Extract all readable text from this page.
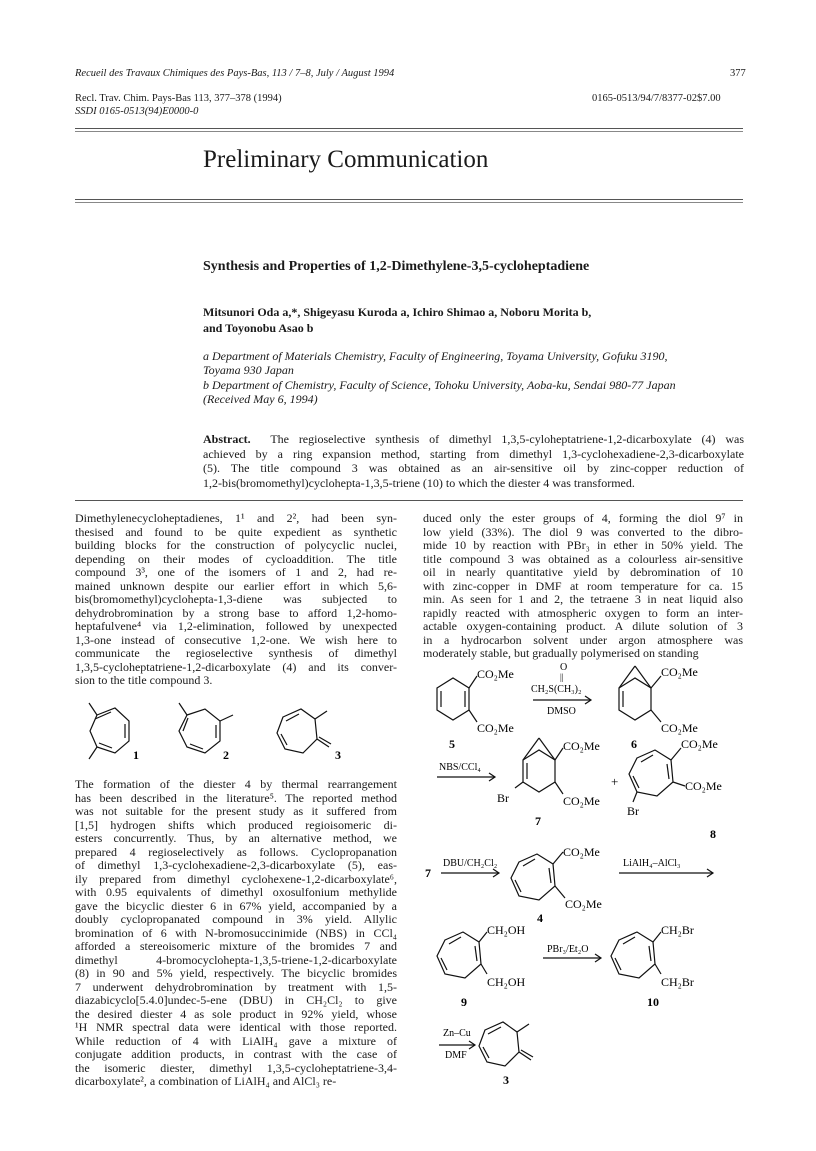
Recueil des Travaux Chimiques des Pays-Bas, 113 / 7–8, July / August 1994	377
Recl. Trav. Chim. Pays-Bas 113, 377–378 (1994)
SSDI 0165-0513(94)E0000-0
0165-0513/94/7/8377-02$7.00
Preliminary Communication
Synthesis and Properties of 1,2-Dimethylene-3,5-cycloheptadiene
Mitsunori Oda a,*, Shigeyasu Kuroda a, Ichiro Shimao a, Noboru Morita b,
and Toyonobu Asao b
a Department of Materials Chemistry, Faculty of Engineering, Toyama University, Gofuku 3190,
Toyama 930 Japan
b Department of Chemistry, Faculty of Science, Tohoku University, Aoba-ku, Sendai 980-77 Japan
(Received May 6, 1994)
Abstract. The regioselective synthesis of dimethyl 1,3,5-cyloheptatriene-1,2-dicarboxylate (4) was
achieved by a ring expansion method, starting from dimethyl 1,3-cyclohexadiene-2,3-dicarboxylate
(5). The title compound 3 was obtained as an air-sensitive oil by zinc-copper reduction of
1,2-bis(bromomethyl)cyclohepta-1,3,5-triene (10) to which the diester 4 was transformed.
Dimethylenecycloheptadienes, 1¹ and 2², had been syn-
thesised and found to be quite expedient as synthetic
building blocks for the construction of polycyclic nuclei,
depending on their modes of cycloaddition. The title
compound 3³, one of the isomers of 1 and 2, had re-
mained unknown despite our earlier effort in which 5,6-
bis(bromomethyl)cyclohepta-1,3-diene was subjected to
dehydrobromination by a strong base to afford 1,2-homo-
heptafulvene⁴ via 1,2-elimination, followed by unexpected
1,3-one instead of consecutive 1,2-one. We wish here to
communicate the regioselective synthesis of dimethyl
1,3,5-cycloheptatriene-1,2-dicarboxylate (4) and its conver-
sion to the title compound 3.
1	2	3
The formation of the diester 4 by thermal rearrangement
has been described in the literature⁵. The reported method
was not suitable for the present study as it suffered from
[1,5] hydrogen shifts which produced regioisomeric di-
esters concurrently. Thus, by an alternative method, we
prepared 4 regioselectively as follows. Cyclopropanation
of dimethyl 1,3-cyclohexadiene-2,3-dicarboxylate (5), eas-
ily prepared from dimethyl cyclohexene-1,2-dicarboxylate⁶,
with 0.95 equivalents of dimethyl oxosulfonium methylide
gave the bicyclic diester 6 in 67% yield, accompanied by a
doubly cyclopropanated compound in 3% yield. Allylic
bromination of 6 with N-bromosuccinimide (NBS) in CCl₄
afforded a stereoisomeric mixture of the bromides 7 and
dimethyl 4-bromocyclohepta-1,3,5-triene-1,2-dicarboxylate
(8) in 90 and 5% yield, respectively. The bicyclic bromides
7 underwent dehydrobromination by treatment with 1,5-
diazabicyclo[5.4.0]undec-5-ene (DBU) in CH₂Cl₂ to give
the desired diester 4 as sole product in 92% yield, whose
¹H NMR spectral data were identical with those reported.
While reduction of 4 with LiAlH₄ gave a mixture of
conjugate addition products, in contrast with the case of
the isomeric diester, dimethyl 1,3,5-cycloheptatriene-3,4-
dicarboxylate², a combination of LiAlH₄ and AlCl₃ re-
duced only the ester groups of 4, forming the diol 9⁷ in
low yield (33%). The diol 9 was converted to the dibro-
mide 10 by reaction with PBr₃ in ether in 50% yield. The
title compound 3 was obtained as a colourless air-sensitive
oil in nearly quantitative yield by debromination of 10
with zinc-copper in DMF at room temperature for ca. 15
min. As seen for 1 and 2, the tetraene 3 in neat liquid also
rapidly reacted with atmospheric oxygen to form an inter-
actable oxygen-containing product. A dilute solution of 3
in a hydrocarbon solvent under argon atmosphere was
moderately stable, but gradually polymerised on standing
CO₂Me
CO₂Me
5
O
||
CH₂S(CH₃)₂
DMSO
CO₂Me
CO₂Me
6
NBS/CCl₄
CO₂Me
CO₂Me
Br
7
+
CO₂Me
CO₂Me
Br
8
7
DBU/CH₂Cl₂
CO₂Me
CO₂Me
4
LiAlH₄–AlCl₃
CH₂OH
CH₂OH
9
PBr₃/Et₂O
CH₂Br
CH₂Br
10
Zn–Cu
DMF
3
